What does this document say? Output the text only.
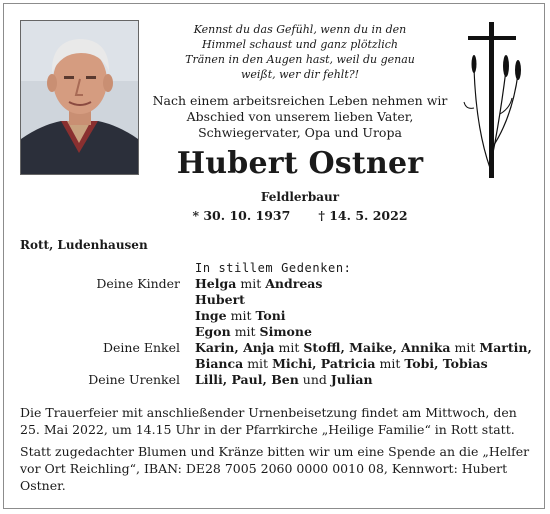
Kennst du das Gefühl, wenn du in den
Himmel schaust und ganz plötzlich
Tränen in den Augen hast, weil du genau
weißt, wer dir fehlt?!
Nach einem arbeitsreichen Leben nehmen wir
Abschied von unserem lieben Vater,
Schwiegervater, Opa und Uropa
Hubert Ostner
Feldlerbaur
* 30. 10. 1937 † 14. 5. 2022
Rott, Ludenhausen
In stillem Gedenken:
Deine Kinder	Helga mit Andreas
Hubert
Inge mit Toni
Egon mit Simone
Deine Enkel	Karin, Anja mit Stoffl, Maike, Annika mit Martin,
Bianca mit Michi, Patricia mit Tobi, Tobias
Deine Urenkel	Lilli, Paul, Ben und Julian

Die Trauerfeier mit anschließender Urnenbeisetzung findet am Mittwoch, den 25. Mai 2022, um 14.15 Uhr in der Pfarrkirche „Heilige Familie“ in Rott statt.

Statt zugedachter Blumen und Kränze bitten wir um eine Spende an die „Helfer vor Ort Reichling“, IBAN: DE28 7005 2060 0000 0010 08, Kennwort: Hubert Ostner.
